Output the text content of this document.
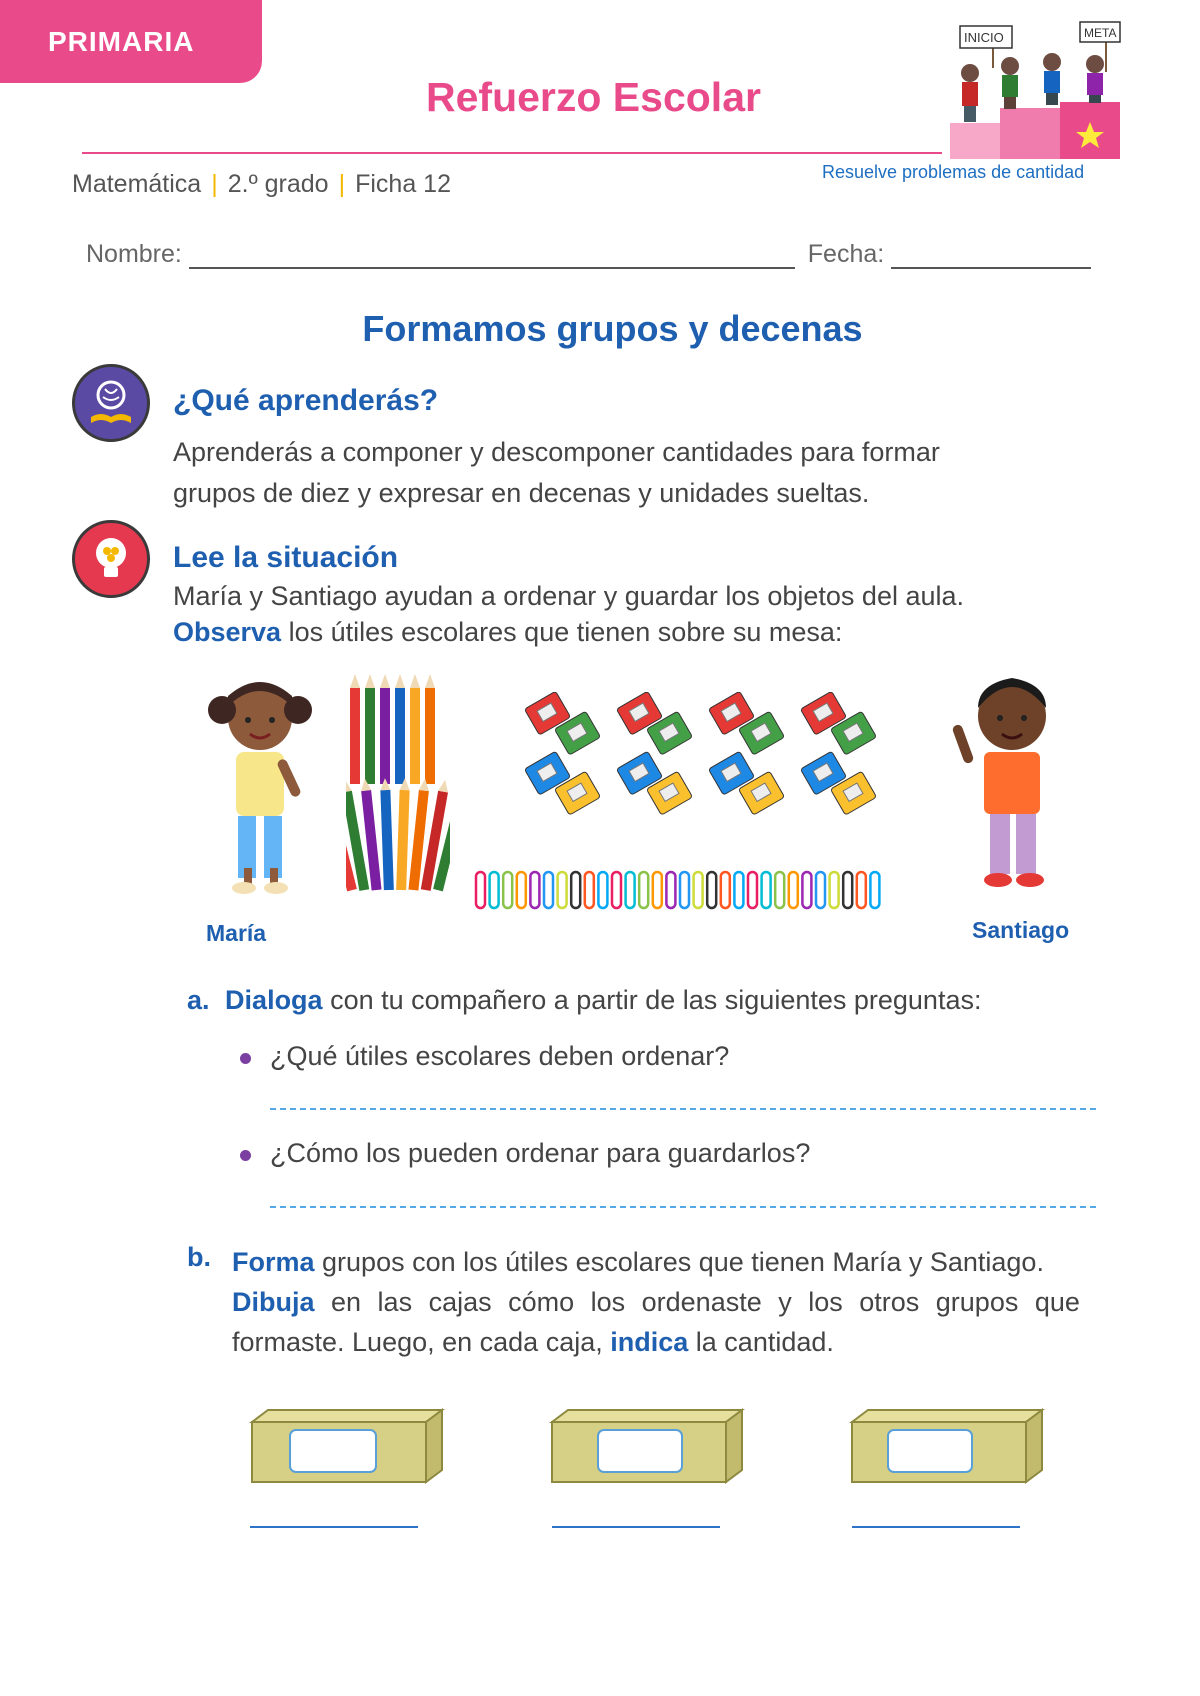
PRIMARIA
Refuerzo Escolar
INICIO	META
Matemática | 2.º grado | Ficha 12	Resuelve problemas de cantidad
Nombre:	Fecha:
Formamos grupos y decenas
¿Qué aprenderás?
Aprenderás a componer y descomponer cantidades para formar
grupos de diez y expresar en decenas y unidades sueltas.
Lee la situación
María y Santiago ayudan a ordenar y guardar los objetos del aula.
Observa los útiles escolares que tienen sobre su mesa:
María	Santiago
a. Dialoga con tu compañero a partir de las siguientes preguntas:
¿Qué útiles escolares deben ordenar?
¿Cómo los pueden ordenar para guardarlos?
b. Forma grupos con los útiles escolares que tienen María y Santiago.
Dibuja en las cajas cómo los ordenaste y los otros grupos que
formaste. Luego, en cada caja, indica la cantidad.
